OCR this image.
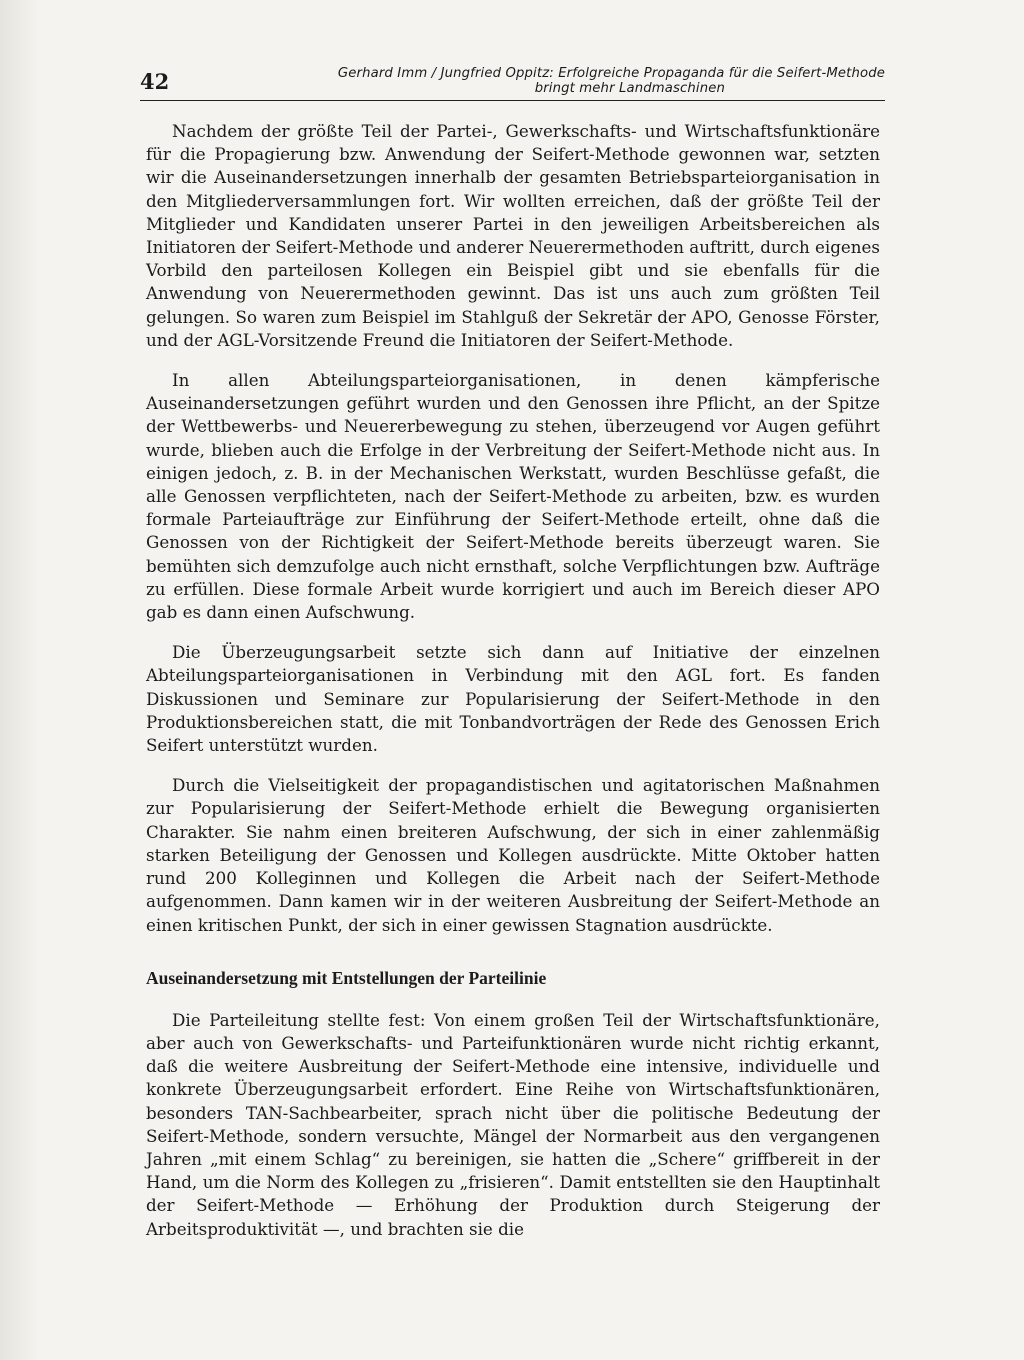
42	Gerhard Imm / Jungfried Oppitz: Erfolgreiche Propaganda für die Seifert-Methode

bringt mehr Landmaschinen

Nachdem der größte Teil der Partei-, Gewerkschafts- und Wirtschaftsfunktionäre für die Propagierung bzw. Anwendung der Seifert-Methode gewonnen war, setzten wir die Auseinandersetzungen innerhalb der gesamten Betriebsparteiorganisation in den Mitgliederversammlungen fort. Wir wollten erreichen, daß der größte Teil der Mitglieder und Kandidaten unserer Partei in den jeweiligen Arbeitsbereichen als Initiatoren der Seifert-Methode und anderer Neuerermethoden auftritt, durch eigenes Vorbild den parteilosen Kollegen ein Beispiel gibt und sie ebenfalls für die Anwendung von Neuerermethoden gewinnt. Das ist uns auch zum größten Teil gelungen. So waren zum Beispiel im Stahlguß der Sekretär der APO, Genosse Förster, und der AGL-Vorsitzende Freund die Initiatoren der Seifert-Methode.

In allen Abteilungsparteiorganisationen, in denen kämpferische Auseinandersetzungen geführt wurden und den Genossen ihre Pflicht, an der Spitze der Wettbewerbs- und Neuererbewegung zu stehen, überzeugend vor Augen geführt wurde, blieben auch die Erfolge in der Verbreitung der Seifert-Methode nicht aus. In einigen jedoch, z. B. in der Mechanischen Werkstatt, wurden Beschlüsse gefaßt, die alle Genossen verpflichteten, nach der Seifert-Methode zu arbeiten, bzw. es wurden formale Parteiaufträge zur Einführung der Seifert-Methode erteilt, ohne daß die Genossen von der Richtigkeit der Seifert-Methode bereits überzeugt waren. Sie bemühten sich demzufolge auch nicht ernsthaft, solche Verpflichtungen bzw. Aufträge zu erfüllen. Diese formale Arbeit wurde korrigiert und auch im Bereich dieser APO gab es dann einen Aufschwung.

Die Überzeugungsarbeit setzte sich dann auf Initiative der einzelnen Abteilungsparteiorganisationen in Verbindung mit den AGL fort. Es fanden Diskussionen und Seminare zur Popularisierung der Seifert-Methode in den Produktionsbereichen statt, die mit Tonbandvorträgen der Rede des Genossen Erich Seifert unterstützt wurden.

Durch die Vielseitigkeit der propagandistischen und agitatorischen Maßnahmen zur Popularisierung der Seifert-Methode erhielt die Bewegung organisierten Charakter. Sie nahm einen breiteren Aufschwung, der sich in einer zahlenmäßig starken Beteiligung der Genossen und Kollegen ausdrückte. Mitte Oktober hatten rund 200 Kolleginnen und Kollegen die Arbeit nach der Seifert-Methode aufgenommen. Dann kamen wir in der weiteren Ausbreitung der Seifert-Methode an einen kritischen Punkt, der sich in einer gewissen Stagnation ausdrückte.

Auseinandersetzung mit Entstellungen der Parteilinie

Die Parteileitung stellte fest: Von einem großen Teil der Wirtschaftsfunktionäre, aber auch von Gewerkschafts- und Parteifunktionären wurde nicht richtig erkannt, daß die weitere Ausbreitung der Seifert-Methode eine intensive, individuelle und konkrete Überzeugungsarbeit erfordert. Eine Reihe von Wirtschaftsfunktionären, besonders TAN-Sachbearbeiter, sprach nicht über die politische Bedeutung der Seifert-Methode, sondern versuchte, Mängel der Normarbeit aus den vergangenen Jahren „mit einem Schlag“ zu bereinigen, sie hatten die „Schere“ griffbereit in der Hand, um die Norm des Kollegen zu „frisieren“. Damit entstellten sie den Hauptinhalt der Seifert-Methode — Erhöhung der Produktion durch Steigerung der Arbeitsproduktivität —, und brachten sie die
